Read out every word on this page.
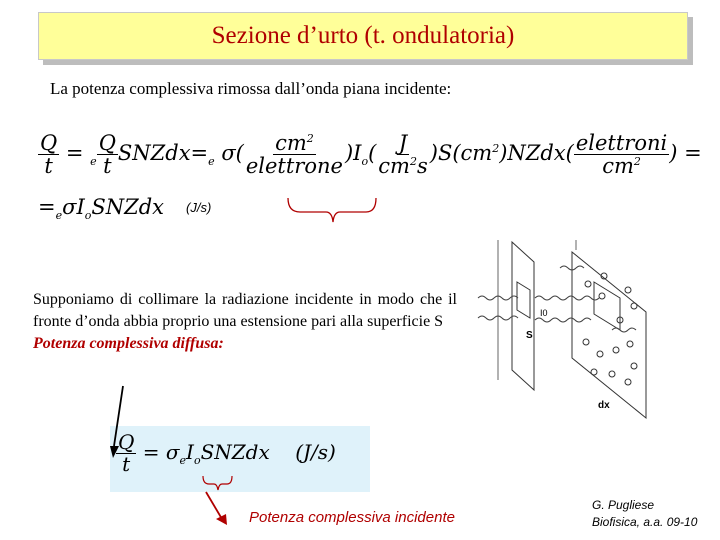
Sezione d’urto (t. ondulatoria)
La potenza complessiva rimossa dall’onda piana incidente:
$\frac{Q}{t} = _e \frac{Q}{t}$ $SNZdx=_e$ $\sigma( \frac{cm^2}{\text{elettrone}} )I_o( \frac{J}{cm^2s}$ )$S(cm^2)NZdx( \frac{\text{elettroni}}{cm^2}$ ) =
$=_e\sigma I_oSNZdx$ (J/s)
Supponiamo di collimare la radiazione incidente in modo che il fronte d’onda abbia proprio una estensione pari alla superficie S
Potenza complessiva diffusa:
$\frac{Q}{t}$ = $\sigma_eI_oSNZdx$    (J/s)
Potenza complessiva incidente
G. Pugliese
Biofisica, a.a. 09-10
S
I0
dx
